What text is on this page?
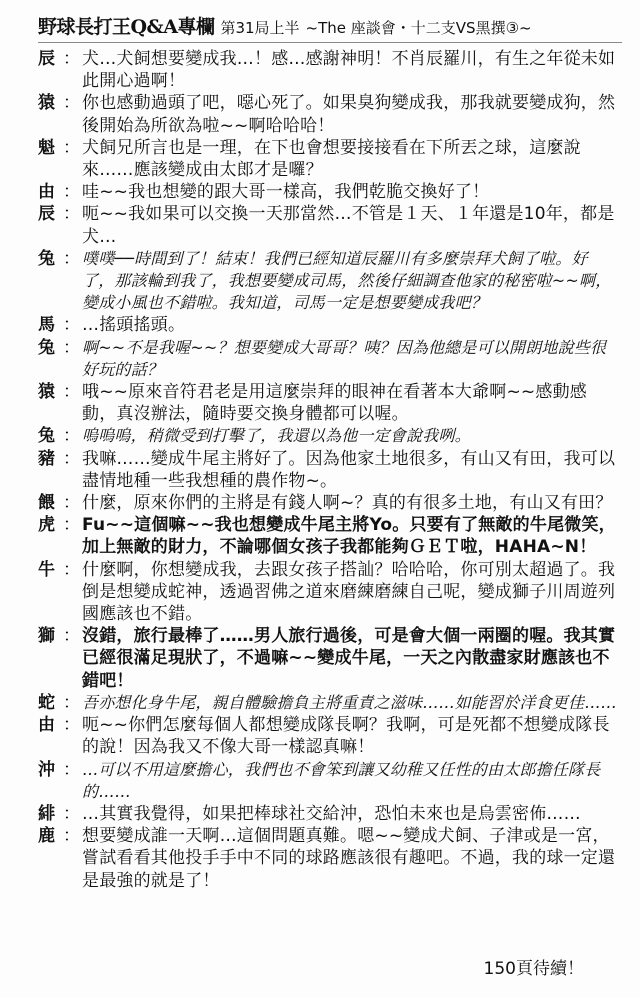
野球長打王Q&A專欄 第31局上半 ~The 座談會・十二支VS黑撰③~
辰 ： 犬…犬飼想要變成我…！感…感謝神明！不肖辰羅川，有生之年從未如此開心過啊！
猿 ： 你也感動過頭了吧，噁心死了。如果臭狗變成我，那我就要變成狗，然後開始為所欲為啦~~啊哈哈哈！
魁 ： 犬飼兄所言也是一理，在下也會想要接接看在下所丟之球，這麼說來……應該變成由太郎才是囉？
由 ： 哇~~我也想變的跟大哥一樣高，我們乾脆交換好了！
辰 ： 呃~~我如果可以交換一天那當然…不管是１天、１年還是10年，都是犬…
兔 ： 噗噗──時間到了！結束！我們已經知道辰羅川有多麼崇拜犬飼了啦。好了，那該輪到我了，我想要變成司馬，然後仔細調查他家的秘密啦~~啊，變成小風也不錯啦。我知道，司馬一定是想要變成我吧？
馬 ： …搖頭搖頭。
兔 ： 啊~~不是我喔~~？想要變成大哥哥？咦？因為他總是可以開朗地說些很好玩的話？
猿 ： 哦~~原來音符君老是用這麼崇拜的眼神在看著本大爺啊~~感動感動，真沒辦法，隨時要交換身體都可以喔。
兔 ： 嗚嗚嗚，稍微受到打擊了，我還以為他一定會說我咧。
豬 ： 我嘛……變成牛尾主將好了。因為他家土地很多，有山又有田，我可以盡情地種一些我想種的農作物~。
餵 ： 什麼，原來你們的主將是有錢人啊~？真的有很多土地，有山又有田？
虎 ： Fu~~這個嘛~~我也想變成牛尾主將Yo。只要有了無敵的牛尾微笑，加上無敵的財力，不論哪個女孩子我都能夠ＧＥＴ啦，HAHA~N！
牛 ： 什麼啊，你想變成我，去跟女孩子搭訕？哈哈哈，你可別太超過了。我倒是想變成蛇神，透過習佛之道來磨練磨練自己呢，變成獅子川周遊列國應該也不錯。
獅 ： 沒錯，旅行最棒了……男人旅行過後，可是會大個一兩圈的喔。我其實已經很滿足現狀了，不過嘛~~變成牛尾，一天之內散盡家財應該也不錯吧！
蛇 ： 吾亦想化身牛尾，親自體驗擔負主將重責之滋味……如能習於洋食更佳……
由 ： 呃~~你們怎麼每個人都想變成隊長啊？我啊，可是死都不想變成隊長的說！因為我又不像大哥一樣認真嘛！
沖 ： …可以不用這麼擔心，我們也不會笨到讓又幼稚又任性的由太郎擔任隊長的……
緋 ： …其實我覺得，如果把棒球社交給沖，恐怕未來也是烏雲密佈……
鹿 ： 想要變成誰一天啊…這個問題真難。嗯~~變成犬飼、子津或是一宮，嘗試看看其他投手手中不同的球路應該很有趣吧。不過，我的球一定還是最強的就是了！
150頁待續！
